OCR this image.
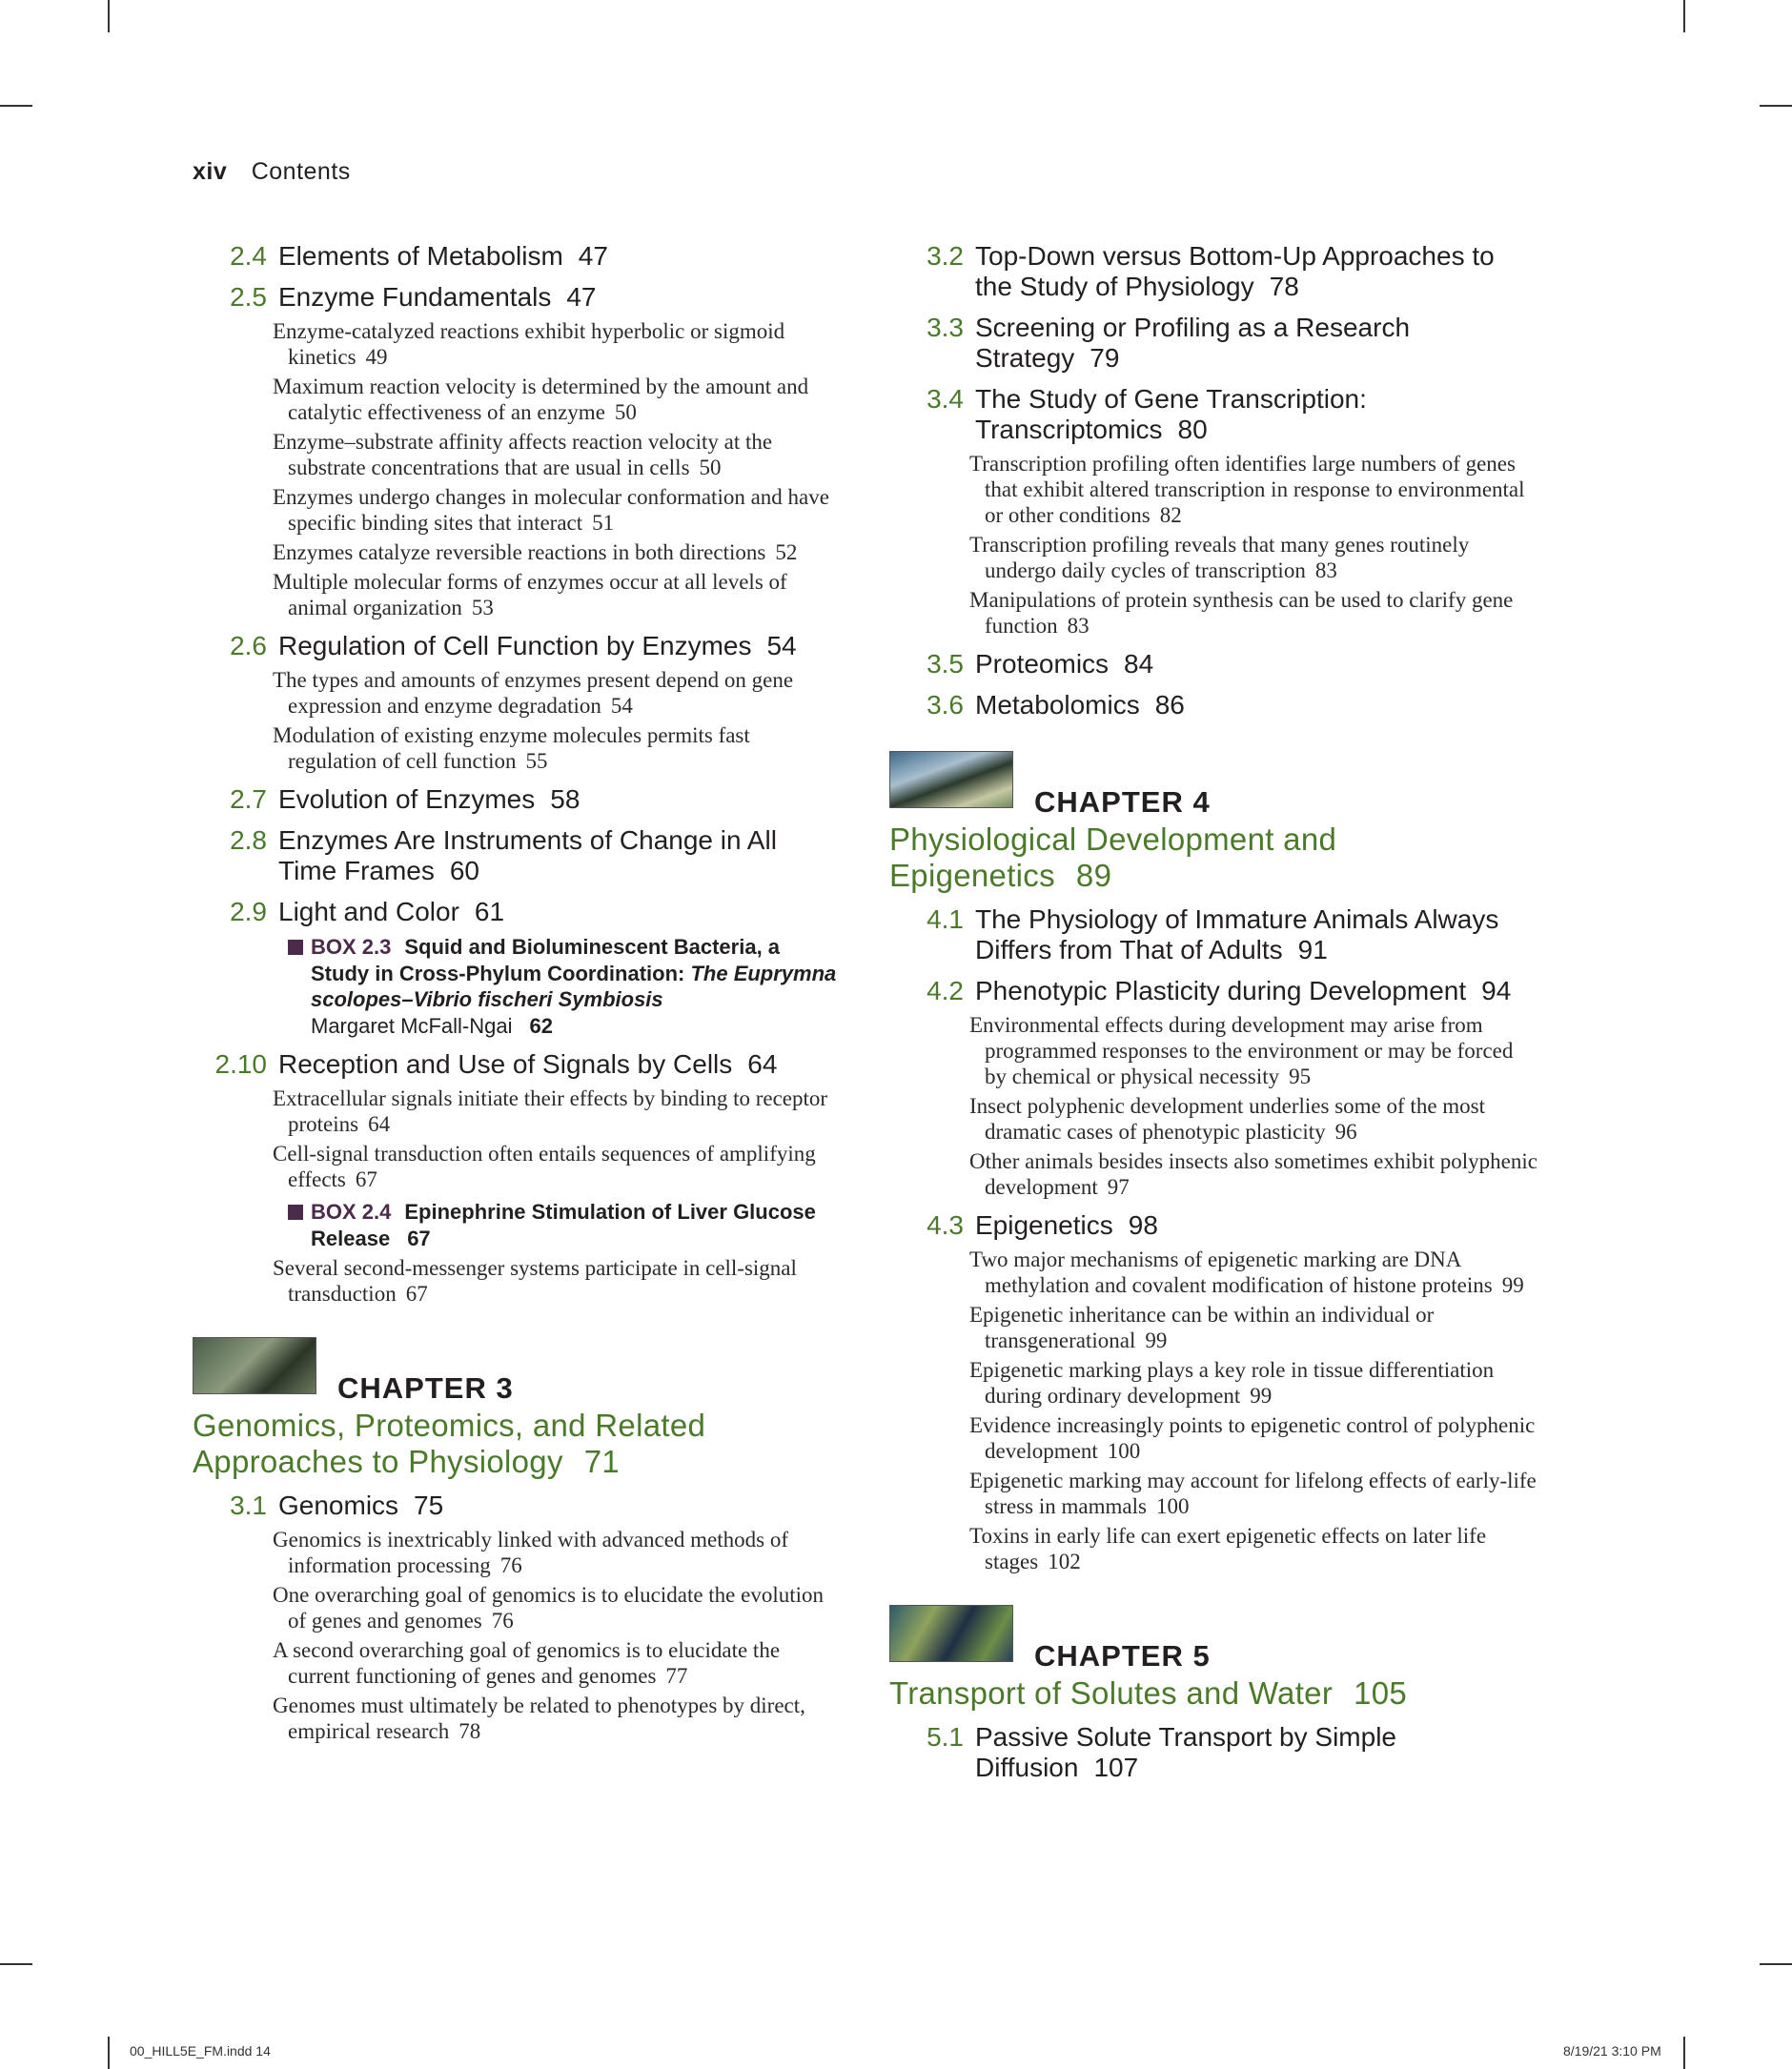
xiv Contents
2.4 Elements of Metabolism 47
2.5 Enzyme Fundamentals 47
Enzyme-catalyzed reactions exhibit hyperbolic or sigmoid kinetics 49
Maximum reaction velocity is determined by the amount and catalytic effectiveness of an enzyme 50
Enzyme–substrate affinity affects reaction velocity at the substrate concentrations that are usual in cells 50
Enzymes undergo changes in molecular conformation and have specific binding sites that interact 51
Enzymes catalyze reversible reactions in both directions 52
Multiple molecular forms of enzymes occur at all levels of animal organization 53
2.6 Regulation of Cell Function by Enzymes 54
The types and amounts of enzymes present depend on gene expression and enzyme degradation 54
Modulation of existing enzyme molecules permits fast regulation of cell function 55
2.7 Evolution of Enzymes 58
2.8 Enzymes Are Instruments of Change in All Time Frames 60
2.9 Light and Color 61
BOX 2.3 Squid and Bioluminescent Bacteria, a Study in Cross-Phylum Coordination: The Euprymna scolopes–Vibrio fischeri Symbiosis
Margaret McFall-Ngai 62
2.10 Reception and Use of Signals by Cells 64
Extracellular signals initiate their effects by binding to receptor proteins 64
Cell-signal transduction often entails sequences of amplifying effects 67
BOX 2.4 Epinephrine Stimulation of Liver Glucose Release 67
Several second-messenger systems participate in cell-signal transduction 67
CHAPTER 3
Genomics, Proteomics, and Related Approaches to Physiology 71
3.1 Genomics 75
Genomics is inextricably linked with advanced methods of information processing 76
One overarching goal of genomics is to elucidate the evolution of genes and genomes 76
A second overarching goal of genomics is to elucidate the current functioning of genes and genomes 77
Genomes must ultimately be related to phenotypes by direct, empirical research 78
3.2 Top-Down versus Bottom-Up Approaches to the Study of Physiology 78
3.3 Screening or Profiling as a Research Strategy 79
3.4 The Study of Gene Transcription: Transcriptomics 80
Transcription profiling often identifies large numbers of genes that exhibit altered transcription in response to environmental or other conditions 82
Transcription profiling reveals that many genes routinely undergo daily cycles of transcription 83
Manipulations of protein synthesis can be used to clarify gene function 83
3.5 Proteomics 84
3.6 Metabolomics 86
CHAPTER 4
Physiological Development and Epigenetics 89
4.1 The Physiology of Immature Animals Always Differs from That of Adults 91
4.2 Phenotypic Plasticity during Development 94
Environmental effects during development may arise from programmed responses to the environment or may be forced by chemical or physical necessity 95
Insect polyphenic development underlies some of the most dramatic cases of phenotypic plasticity 96
Other animals besides insects also sometimes exhibit polyphenic development 97
4.3 Epigenetics 98
Two major mechanisms of epigenetic marking are DNA methylation and covalent modification of histone proteins 99
Epigenetic inheritance can be within an individual or transgenerational 99
Epigenetic marking plays a key role in tissue differentiation during ordinary development 99
Evidence increasingly points to epigenetic control of polyphenic development 100
Epigenetic marking may account for lifelong effects of early-life stress in mammals 100
Toxins in early life can exert epigenetic effects on later life stages 102
CHAPTER 5
Transport of Solutes and Water 105
5.1 Passive Solute Transport by Simple Diffusion 107
00_HILL5E_FM.indd 14	8/19/21 3:10 PM
